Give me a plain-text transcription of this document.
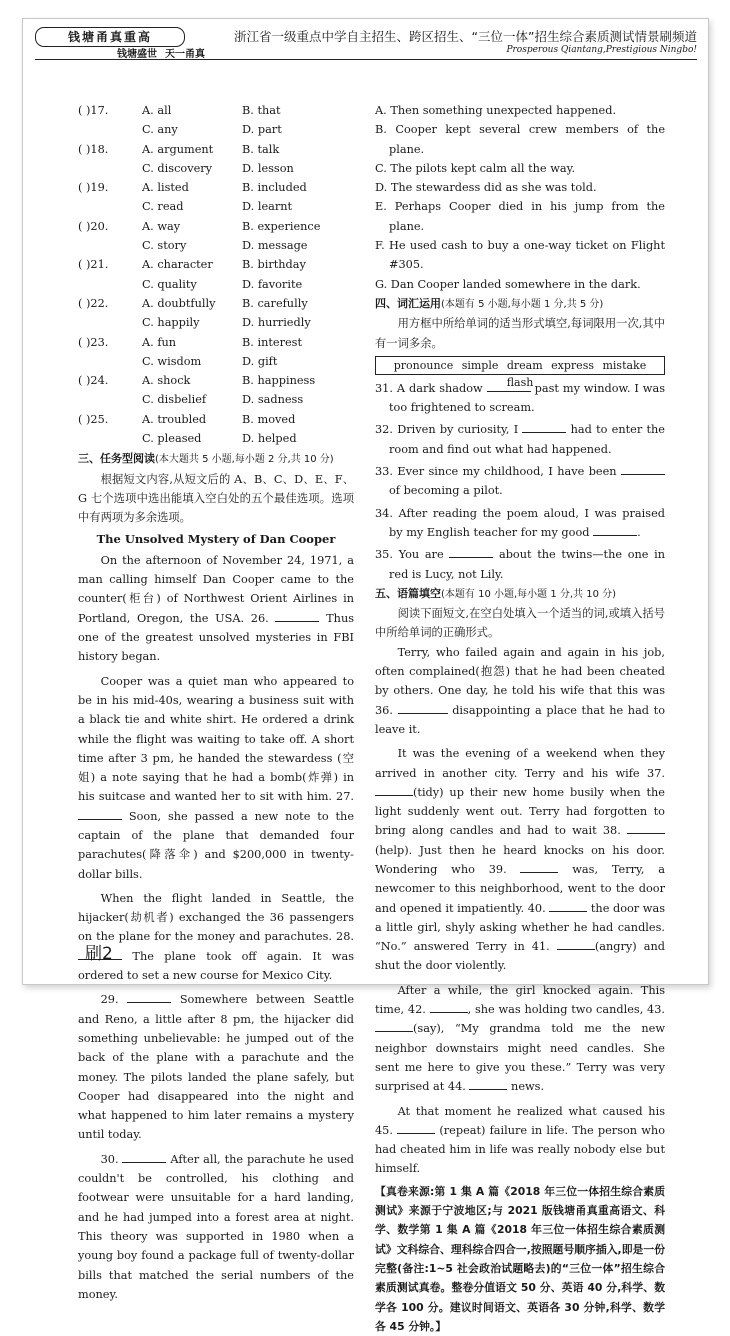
钱塘甬真重高	浙江省一级重点中学自主招生、跨区招生、“三位一体”招生综合素质测试情景刷频道
钱塘盛世 天一甬真	Prosperous Qiantang,Prestigious Ningbo!
( )17.	A. all	B. that
C. any	D. part
( )18.	A. argument	B. talk
C. discovery	D. lesson
( )19.	A. listed	B. included
C. read	D. learnt
( )20.	A. way	B. experience
C. story	D. message
( )21.	A. character	B. birthday
C. quality	D. favorite
( )22.	A. doubtfully B. carefully
C. happily	D. hurriedly
( )23.	A. fun	B. interest
C. wisdom	D. gift
( )24.	A. shock	B. happiness
C. disbelief	D. sadness
( )25.	A. troubled	B. moved
C. pleased	D. helped
三、任务型阅读(本大题共 5 小题,每小题 2 分,共 10 分)

根据短文内容,从短文后的 A、B、C、D、E、F、G 七个选项中选出能填入空白处的五个最佳选项。选项中有两项为多余选项。

The Unsolved Mystery of Dan Cooper

On the afternoon of November 24, 1971, a man calling himself Dan Cooper came to the counter(柜台) of Northwest Orient Airlines in Portland, Oregon, the USA. 26.	Thus one of the greatest unsolved mysteries in FBI history began.

Cooper was a quiet man who appeared to be in his mid-40s, wearing a business suit with a black tie and white shirt. He ordered a drink while the flight was waiting to take off. A short time after 3 pm, he handed the stewardess (空姐) a note saying that he had a bomb(炸弹) in his suitcase and wanted her to sit with him. 27.  Soon, she passed a new note to the captain of the plane that demanded four parachutes(降落伞) and $200,000 in twenty-dollar bills.

When the flight landed in Seattle, the hijacker(劫机者) exchanged the 36 passengers on the plane for the money and parachutes. 28.  The plane took off again. It was ordered to set a new course for Mexico City.

29.	Somewhere between Seattle and Reno, a little after 8 pm, the hijacker did something unbelievable: he jumped out of the back of the plane with a parachute and the money. The pilots landed the plane safely, but Cooper had disappeared into the night and what happened to him later remains a mystery until today.

30.	After all, the parachute he used couldn't be controlled, his clothing and footwear were unsuitable for a hard landing, and he had jumped into a forest area at night. This theory was supported in 1980 when a young boy found a package full of twenty-dollar bills that matched the serial numbers of the money.

A. Then something unexpected happened.

B. Cooper kept several crew members of the plane.

C. The pilots kept calm all the way.

D. The stewardess did as she was told.

E. Perhaps Cooper died in his jump from the plane.

F. He used cash to buy a one-way ticket on Flight #305.

G. Dan Cooper landed somewhere in the dark.

四、词汇运用(本题有 5 小题,每小题 1 分,共 5 分)

用方框中所给单词的适当形式填空,每词限用一次,其中有一词多余。

pronounce simple dream express mistake flash

31. A dark shadow	past my window. I was too frightened to scream.

32. Driven by curiosity, I	had to enter the room and find out what had happened.

33. Ever since my childhood, I have been  of becoming a pilot.

34. After reading the poem aloud, I was praised by my English teacher for my good	.

35. You are	about the twins—the one in red is Lucy, not Lily.

五、语篇填空(本题有 10 小题,每小题 1 分,共 10 分)

阅读下面短文,在空白处填入一个适当的词,或填入括号中所给单词的正确形式。

Terry, who failed again and again in his job, often complained(抱怨) that he had been cheated by others. One day, he told his wife that this was 36.	disappointing a place that he had to leave it.

It was the evening of a weekend when they arrived in another city. Terry and his wife 37. (tidy) up their new home busily when the light suddenly went out. Terry had forgotten to bring along candles and had to wait 38. (help). Just then he heard knocks on his door. Wondering who 39.	was, Terry, a newcomer to this neighborhood, went to the door and opened it impatiently. 40.	the door was a little girl, shyly asking whether he had candles. “No.” answered Terry in 41.	(angry) and shut the door violently.

After a while, the girl knocked again. This time, 42.	, she was holding two candles, 43. (say), “My grandma told me the new neighbor downstairs might need candles. She sent me here to give you these.” Terry was very surprised at 44.	news.

At that moment he realized what caused his 45.	(repeat) failure in life. The person who had cheated him in life was really nobody else but himself.

【真卷来源:第 1 集 A 篇《2018 年三位一体招生综合素质测试》来源于宁波地区;与 2021 版钱塘甬真重高语文、科学、数学第 1 集 A 篇《2018 年三位一体招生综合素质测试》文科综合、理科综合四合一,按照题号顺序插入,即是一份完整(备注:1~5 社会政治试题略去)的“三位一体”招生综合素质测试真卷。整卷分值语文 50 分、英语 40 分,科学、数学各 100 分。建议时间语文、英语各 30 分钟,科学、数学各 45 分钟。】

刷2
